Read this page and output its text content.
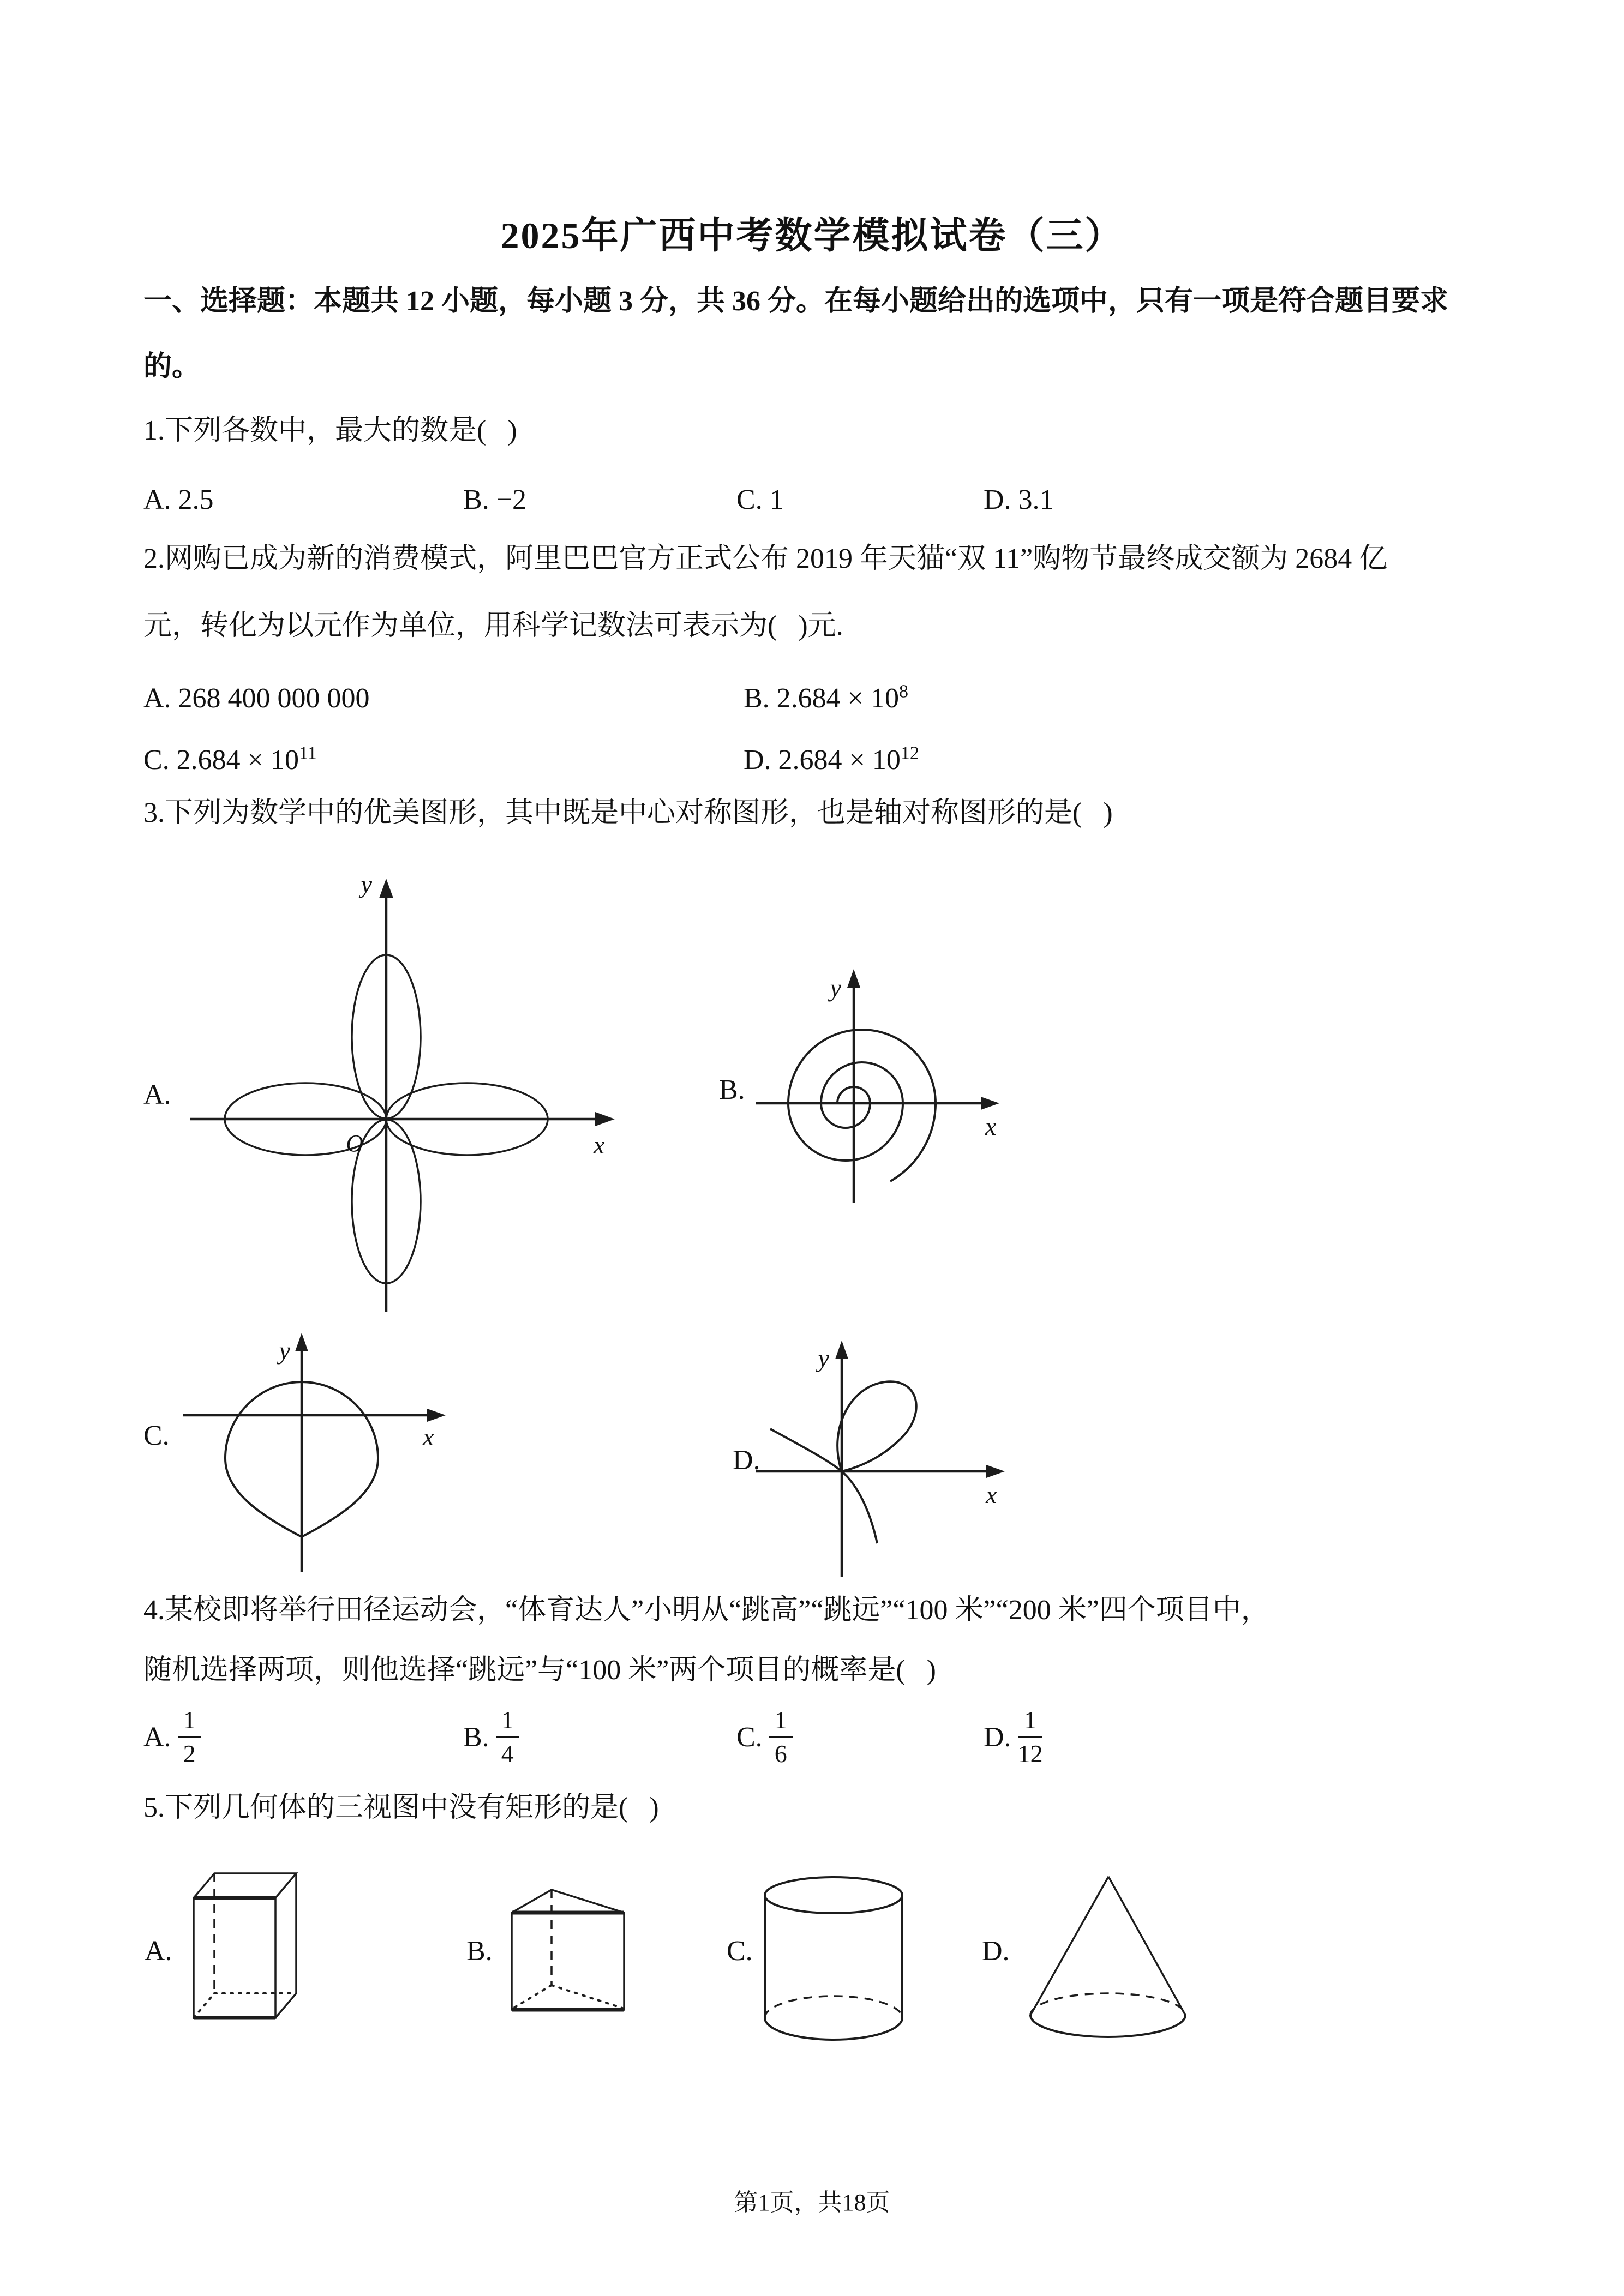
2025年广西中考数学模拟试卷（三）
一、选择题：本题共 12 小题，每小题 3 分，共 36 分。在每小题给出的选项中，只有一项是符合题目要求
的。
1.下列各数中，最大的数是(   )
A. 2.5	B. −2	C. 1	D. 3.1
2.网购已成为新的消费模式，阿里巴巴官方正式公布 2019 年天猫“双 11”购物节最终成交额为 2684 亿
元，转化为以元作为单位，用科学记数法可表示为(   )元.
A. 268 400 000 000	B. $2.684 \times 10^8$
C. $2.684 \times 10^{11}$	D. $2.684 \times 10^{12}$
3.下列为数学中的优美图形，其中既是中心对称图形，也是轴对称图形的是(   )
A.	B.
C.
D.
O	x
y
x
y
x
y
x
y
4.某校即将举行田径运动会，“体育达人”小明从“跳高”“跳远”“100 米”“200 米”四个项目中，
随机选择两项，则他选择“跳远”与“100 米”两个项目的概率是(   )
A. $\frac{1}{2}$	B. $\frac{1}{4}$	C. $\frac{1}{6}$	D. $\frac{1}{12}$
5.下列几何体的三视图中没有矩形的是(   )
A.	B.	C.	D.
第1页，共18页
